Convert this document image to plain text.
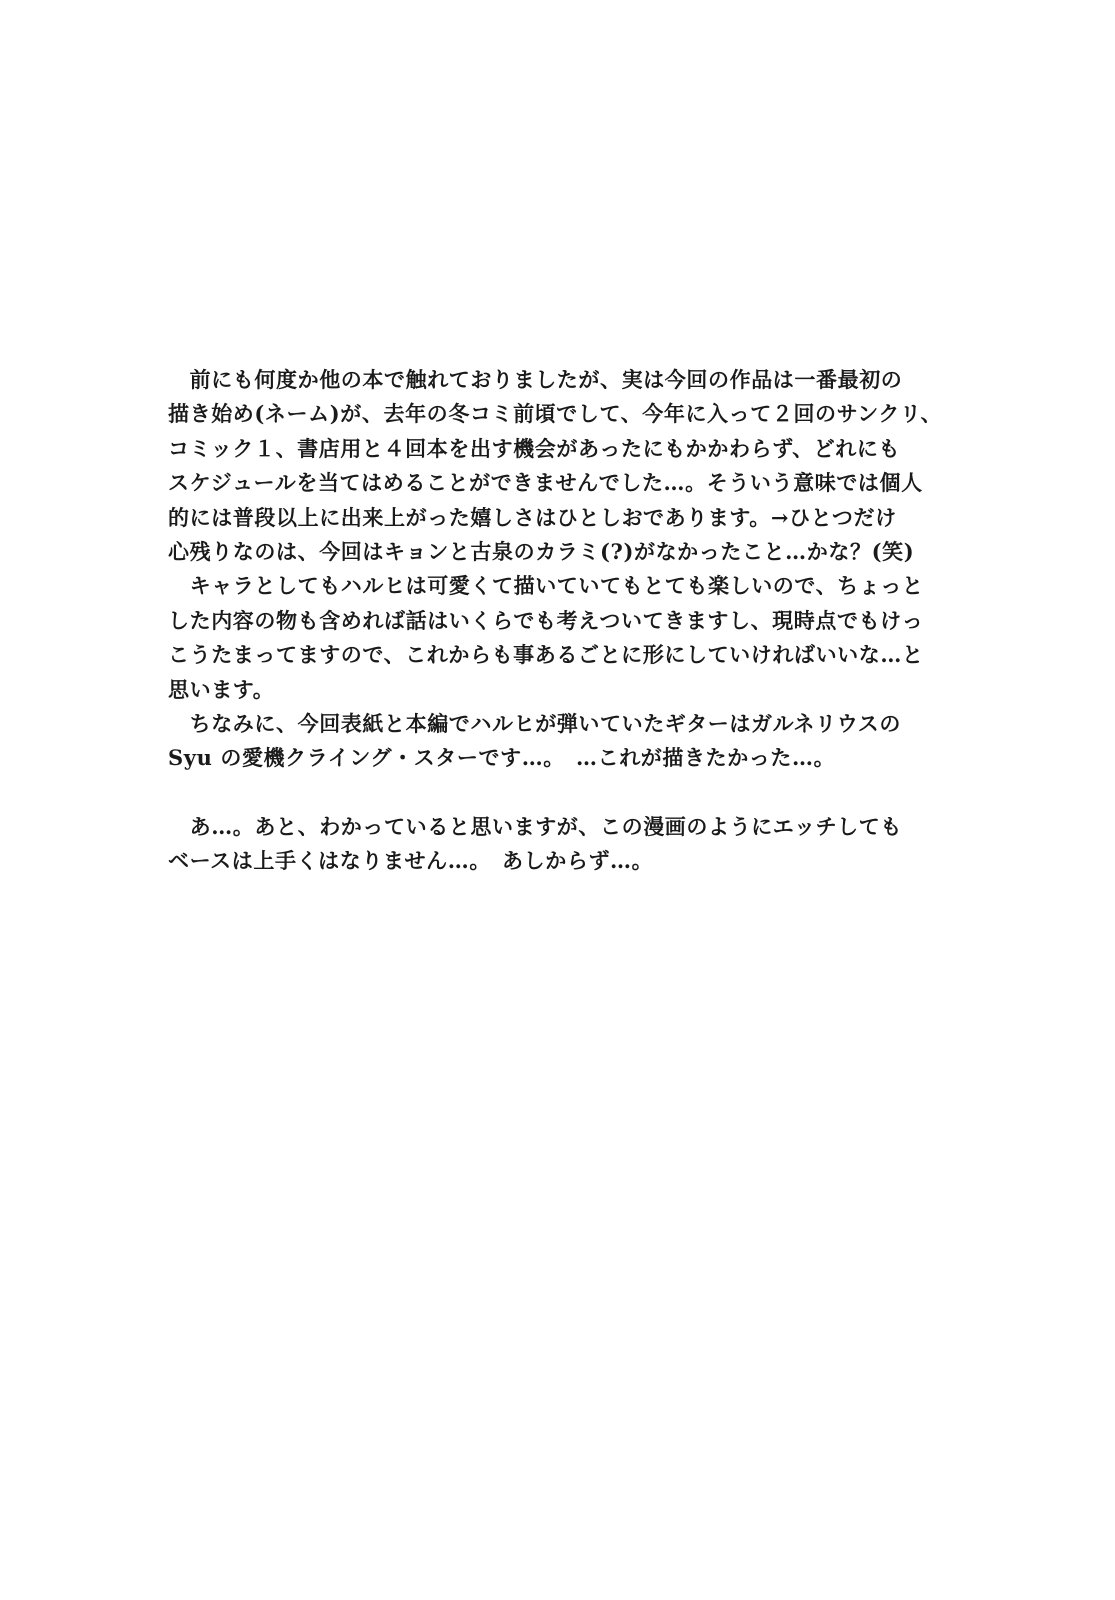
　前にも何度か他の本で触れておりましたが、実は今回の作品は一番最初の
描き始め(ネーム)が、去年の冬コミ前頃でして、今年に入って２回のサンクリ、
コミック１、書店用と４回本を出す機会があったにもかかわらず、どれにも
スケジュールを当てはめることができませんでした…。そういう意味では個人
的には普段以上に出来上がった嬉しさはひとしおであります。→ひとつだけ
心残りなのは、今回はキョンと古泉のカラミ(?)がなかったこと…かな？(笑)
　キャラとしてもハルヒは可愛くて描いていてもとても楽しいので、ちょっと
した内容の物も含めれば話はいくらでも考えついてきますし、現時点でもけっ
こうたまってますので、これからも事あるごとに形にしていければいいな…と
思います。
　ちなみに、今回表紙と本編でハルヒが弾いていたギターはガルネリウスの
Syu の愛機クライング・スターです…。　…これが描きたかった…。
　あ…。あと、わかっていると思いますが、この漫画のようにエッチしても
ベースは上手くはなりません…。　あしからず…。
